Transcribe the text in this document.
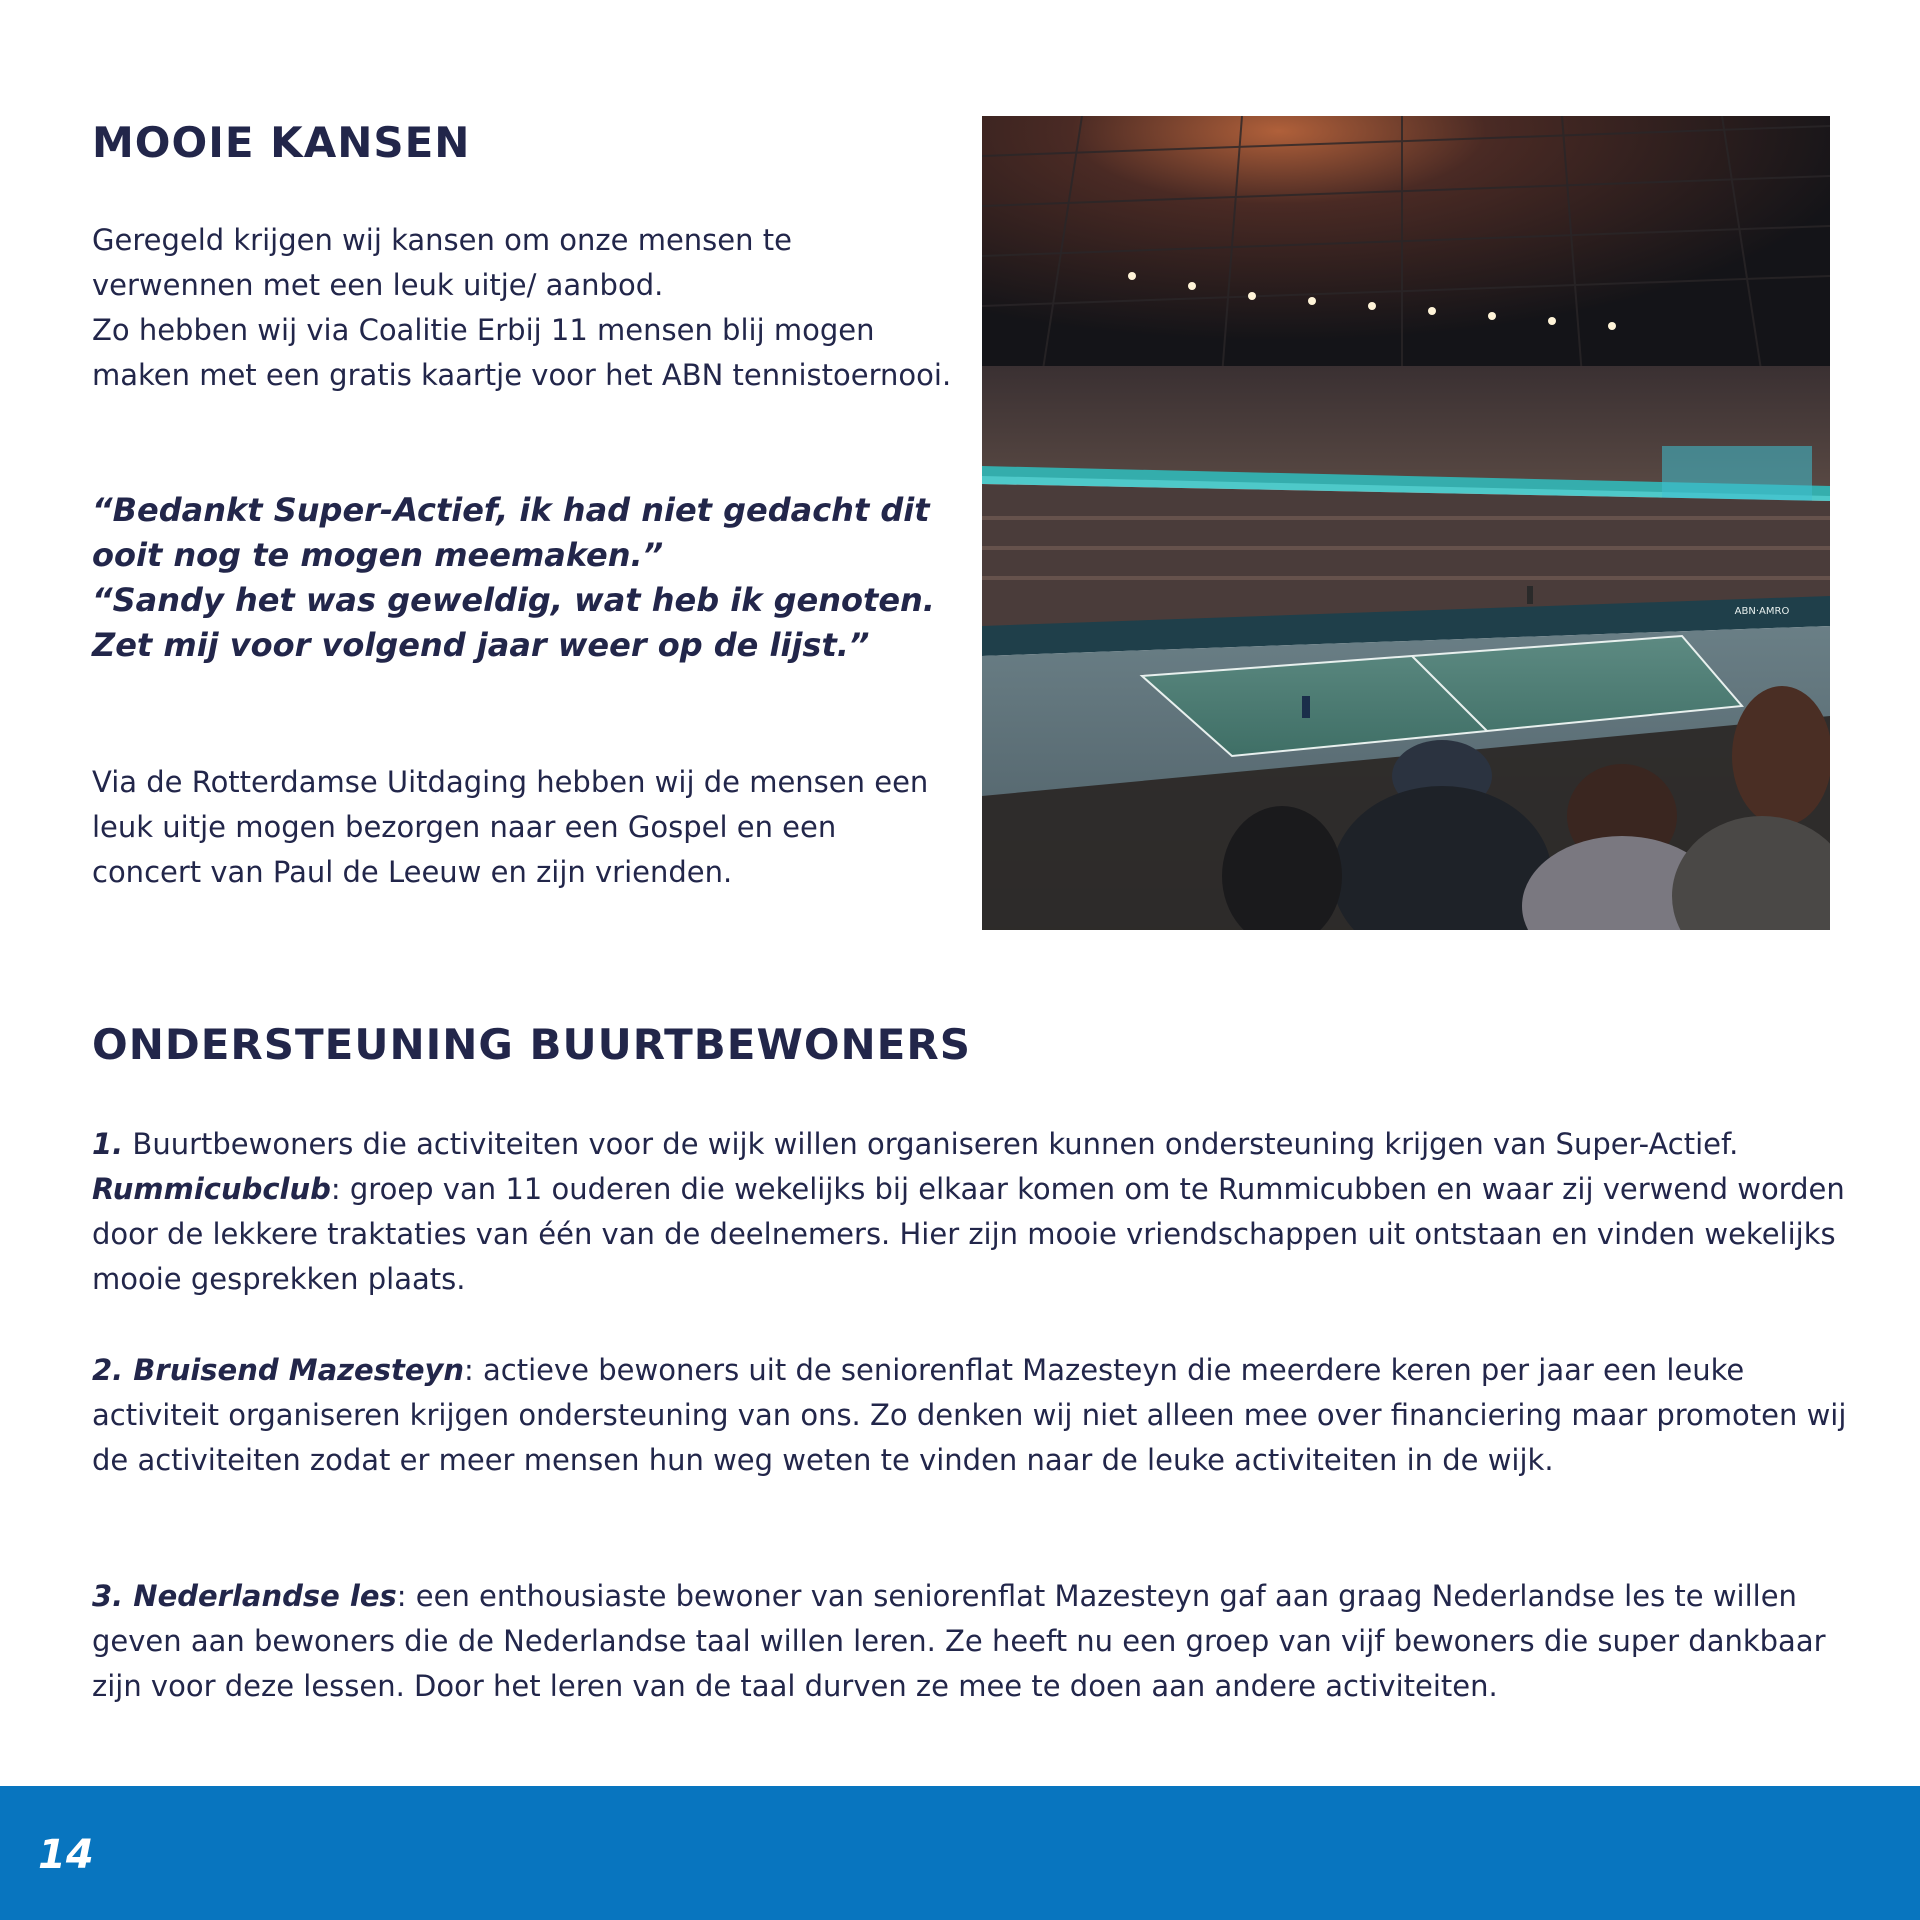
MOOIE KANSEN

Geregeld krijgen wij kansen om onze mensen te verwennen met een leuk uitje/ aanbod.

Zo hebben wij via Coalitie Erbij 11 mensen blij mogen maken met een gratis kaartje voor het ABN tennistoernooi.

“Bedankt Super-Actief, ik had niet gedacht dit ooit nog te mogen meemaken.”

“Sandy het was geweldig, wat heb ik genoten. Zet mij voor volgend jaar weer op de lijst.”

Via de Rotterdamse Uitdaging hebben wij de mensen een leuk uitje mogen bezorgen naar een Gospel en een concert van Paul de Leeuw en zijn vrienden.

ABN·AMRO
ONDERSTEUNING BUURTBEWONERS
1. Buurtbewoners die activiteiten voor de wijk willen organiseren kunnen ondersteuning krijgen van Super-Actief. Rummicubclub: groep van 11 ouderen die wekelijks bij elkaar komen om te Rummicubben en waar zij verwend worden door de lekkere traktaties van één van de deelnemers. Hier zijn mooie vriendschappen uit ontstaan en vinden wekelijks mooie gesprekken plaats.
2. Bruisend Mazesteyn: actieve bewoners uit de seniorenflat Mazesteyn die meerdere keren per jaar een leuke activiteit organiseren krijgen ondersteuning van ons. Zo denken wij niet alleen mee over financiering maar promoten wij de activiteiten zodat er meer mensen hun weg weten te vinden naar de leuke activiteiten in de wijk.
3. Nederlandse les: een enthousiaste bewoner van seniorenflat Mazesteyn gaf aan graag Nederlandse les te willen geven aan bewoners die de Nederlandse taal willen leren. Ze heeft nu een groep van vijf bewoners die super dankbaar zijn voor deze lessen. Door het leren van de taal durven ze mee te doen aan andere activiteiten.
14
